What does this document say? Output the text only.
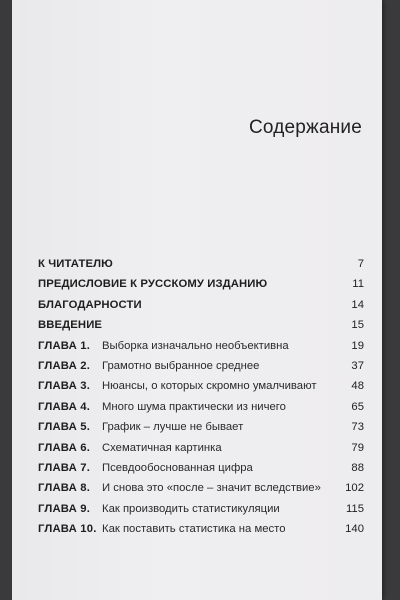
Содержание
К ЧИТАТЕЛЮ	7
ПРЕДИСЛОВИЕ К РУССКОМУ ИЗДАНИЮ	11
БЛАГОДАРНОСТИ	14
ВВЕДЕНИЕ	15
ГЛАВА 1.	Выборка изначально необъективна	19
ГЛАВА 2.	Грамотно выбранное среднее	37
ГЛАВА 3.	Нюансы, о которых скромно умалчивают	48
ГЛАВА 4.	Много шума практически из ничего	65
ГЛАВА 5.	График – лучше не бывает	73
ГЛАВА 6.	Схематичная картинка	79
ГЛАВА 7.	Псевдообоснованная цифра	88
ГЛАВА 8.	И снова это «после – значит вследствие» 102
ГЛАВА 9.	Как производить статистикуляции	115
ГЛАВА 10. Как поставить статистика на место	140
